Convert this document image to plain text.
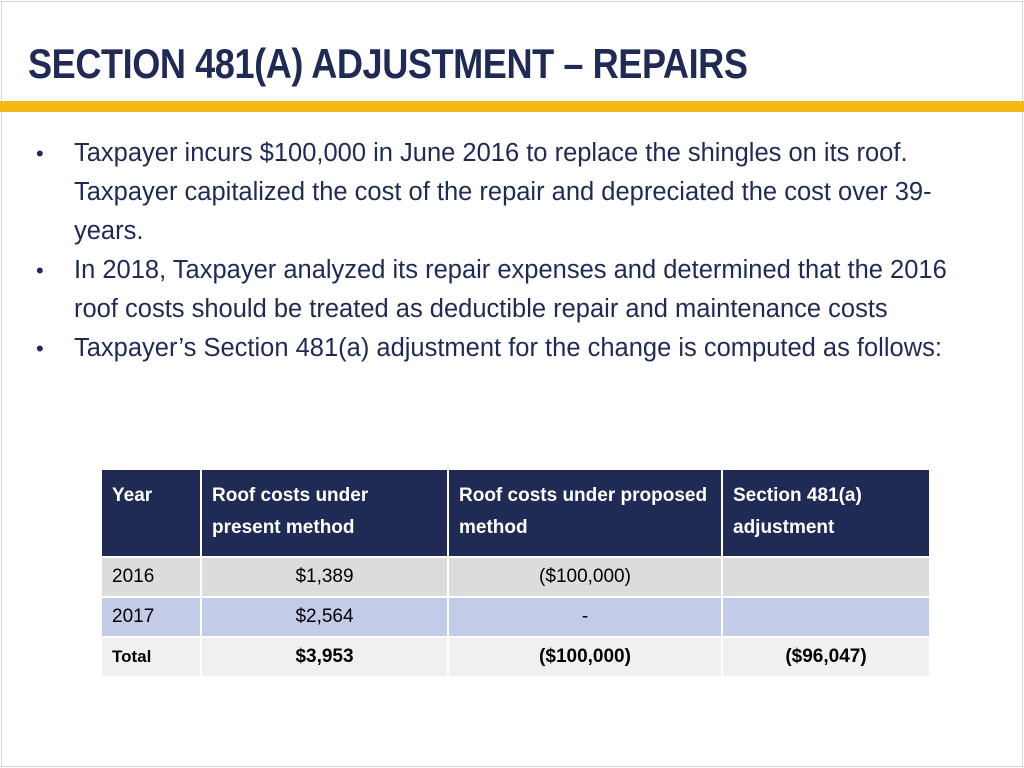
SECTION 481(A) ADJUSTMENT – REPAIRS
• Taxpayer incurs $100,000 in June 2016 to replace the shingles on its roof. Taxpayer capitalized the cost of the repair and depreciated the cost over 39-years.
• In 2018, Taxpayer analyzed its repair expenses and determined that the 2016 roof costs should be treated as deductible repair and maintenance costs
• Taxpayer’s Section 481(a) adjustment for the change is computed as follows:
Year	Roof costs under present method	Roof costs under proposed method	Section 481(a) adjustment
2016	$1,389	($100,000)	
2017	$2,564	-	
Total	$3,953	($100,000)	($96,047)
